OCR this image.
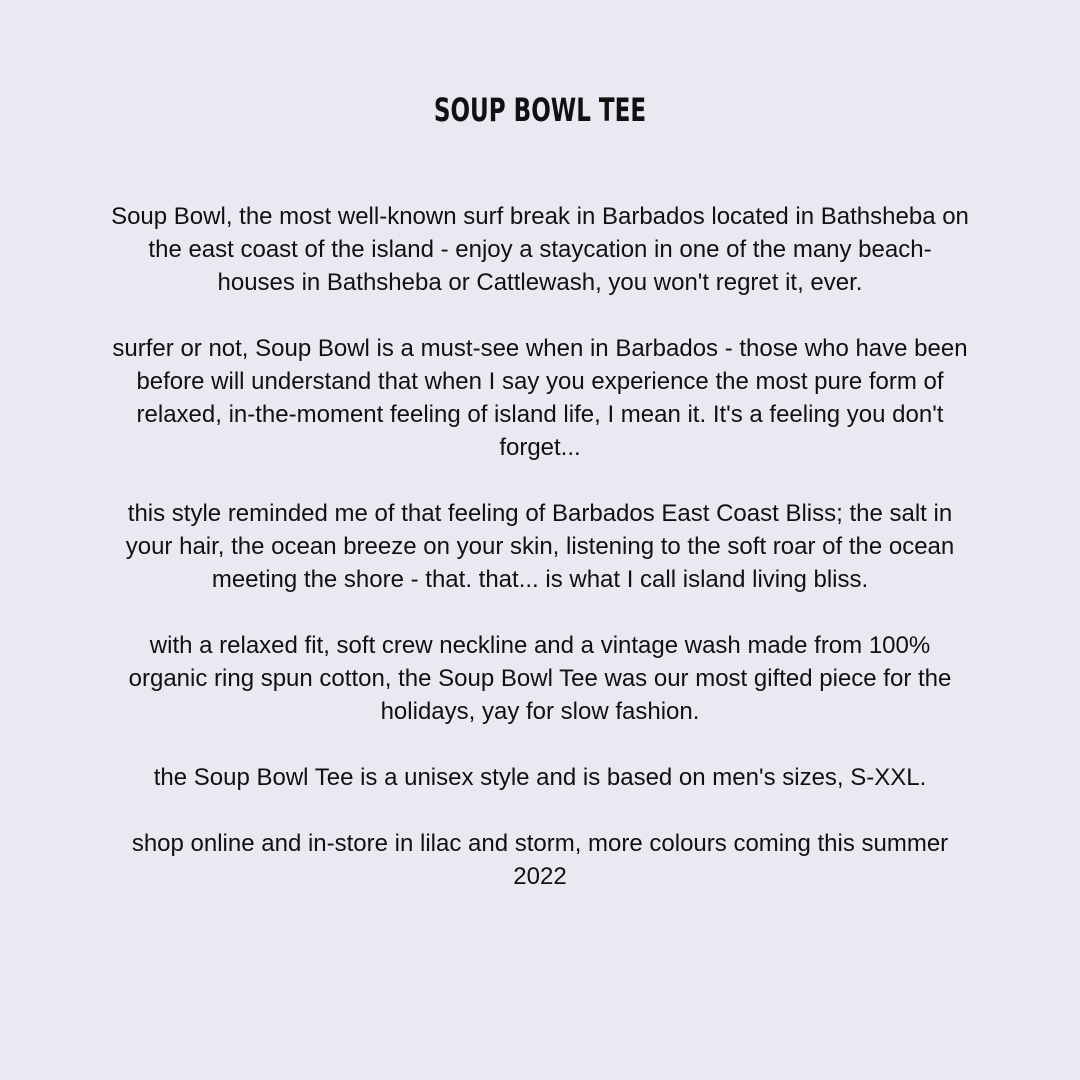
SOUP BOWL TEE

Soup Bowl, the most well-known surf break in Barbados located in Bathsheba on the east coast of the island - enjoy a staycation in one of the many beach-houses in Bathsheba or Cattlewash, you won't regret it, ever.

surfer or not, Soup Bowl is a must-see when in Barbados - those who have been before will understand that when I say you experience the most pure form of relaxed, in-the-moment feeling of island life, I mean it. It's a feeling you don't forget...

this style reminded me of that feeling of Barbados East Coast Bliss; the salt in your hair, the ocean breeze on your skin, listening to the soft roar of the ocean meeting the shore - that. that... is what I call island living bliss.

with a relaxed fit, soft crew neckline and a vintage wash made from 100% organic ring spun cotton, the Soup Bowl Tee was our most gifted piece for the holidays, yay for slow fashion.

the Soup Bowl Tee is a unisex style and is based on men's sizes, S-XXL.

shop online and in-store in lilac and storm, more colours coming this summer 2022
